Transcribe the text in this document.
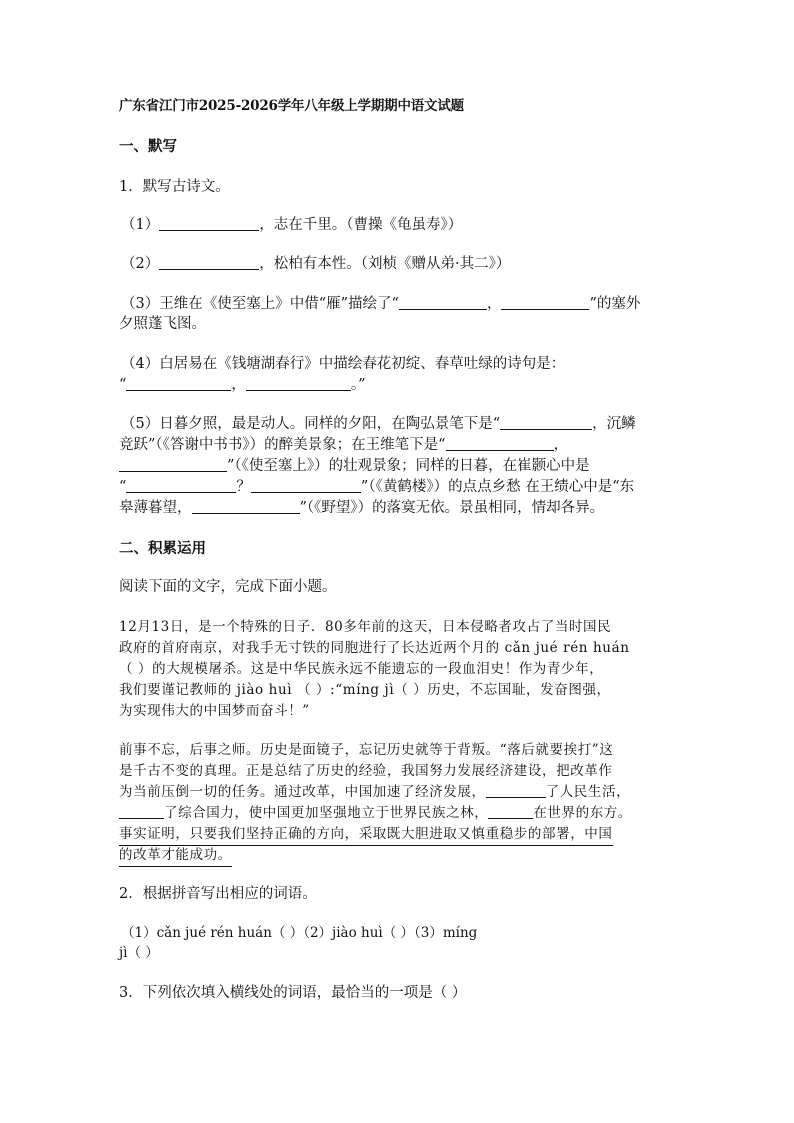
广东省江门市2025-2026学年八年级上学期期中语文试题
一、默写
1．默写古诗文。
（1）	，志在千里。（曹操《龟虽寿》）
（2）	，松柏有本性。（刘桢《赠从弟·其二》）
（3）王维在《使至塞上》中借“雁”描绘了“	，	”的塞外
夕照蓬飞图。
（4）白居易在《钱塘湖春行》中描绘春花初绽、春草吐绿的诗句是：
“	，	。”
（5）日暮夕照，最是动人。同样的夕阳，在陶弘景笔下是“	，沉鳞
竞跃”（《答谢中书书》）的醉美景象；在王维笔下是“	，
”（《使至塞上》）的壮观景象；同样的日暮，在崔颢心中是
“	？	”（《黄鹤楼》）的点点乡愁 在王绩心中是“东
皋薄暮望，	”（《野望》）的落寞无依。景虽相同，情却各异。
二、积累运用
阅读下面的文字，完成下面小题。
12月13日，是一个特殊的日子．80多年前的这天，日本侵略者攻占了当时国民
政府的首府南京，对我手无寸铁的同胞进行了长达近两个月的 cǎn jué rén huán
（ ）的大规模屠杀。这是中华民族永远不能遗忘的一段血泪史！作为青少年，
我们要谨记教师的 jiào huì （ ）:“míng jì（ ）历史，不忘国耻，发奋图强，
为实现伟大的中国梦而奋斗！”
前事不忘，后事之师。历史是面镜子，忘记历史就等于背叛。“落后就要挨打”这
是千古不变的真理。正是总结了历史的经验，我国努力发展经济建设，把改革作
为当前压倒一切的任务。通过改革，中国加速了经济发展，	了人民生活，
了综合国力，使中国更加坚强地立于世界民族之林，	在世界的东方。
事实证明，只要我们坚持正确的方向，采取既大胆进取又慎重稳步的部署，中国
的改革才能成功。
2．根据拼音写出相应的词语。
（1）cǎn jué rén huán（ ）（2）jiào huì（ ）（3）míng
jì（ ）
3．下列依次填入横线处的词语，最恰当的一项是（ ）
